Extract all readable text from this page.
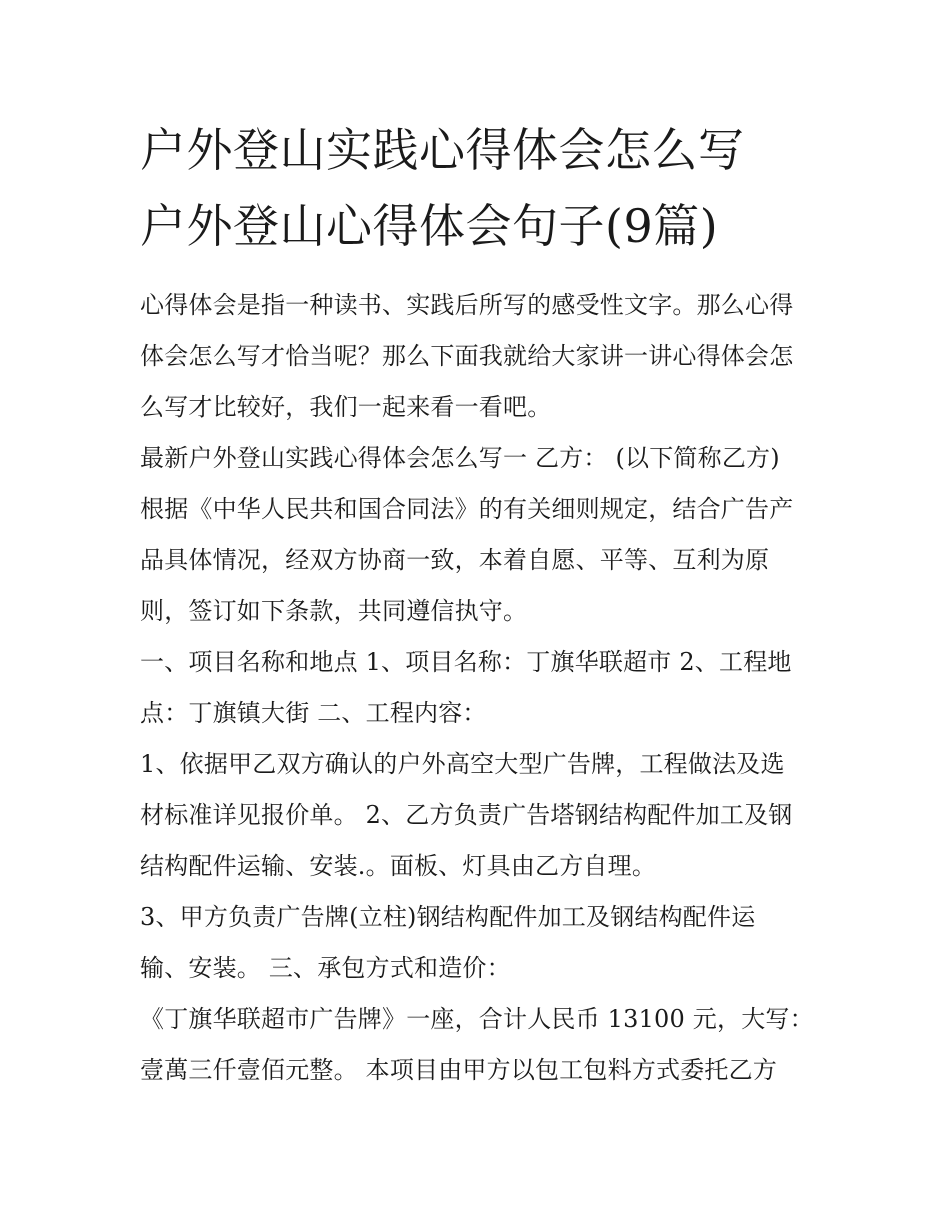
户外登山实践心得体会怎么写
户外登山心得体会句子(9篇)

心得体会是指一种读书、实践后所写的感受性文字。那么心得
体会怎么写才恰当呢？那么下面我就给大家讲一讲心得体会怎
么写才比较好，我们一起来看一看吧。

最新户外登山实践心得体会怎么写一 乙方： (以下简称乙方)
根据《中华人民共和国合同法》的有关细则规定，结合广告产
品具体情况，经双方协商一致，本着自愿、平等、互利为原
则，签订如下条款，共同遵信执守。

一、项目名称和地点 1、项目名称：丁旗华联超市 2、工程地
点：丁旗镇大街 二、工程内容：

1、依据甲乙双方确认的户外高空大型广告牌，工程做法及选
材标准详见报价单。 2、乙方负责广告塔钢结构配件加工及钢
结构配件运输、安装.。面板、灯具由乙方自理。

3、甲方负责广告牌(立柱)钢结构配件加工及钢结构配件运
输、安装。 三、承包方式和造价：

《丁旗华联超市广告牌》一座，合计人民币 13100 元，大写：
壹萬三仟壹佰元整。 本项目由甲方以包工包料方式委托乙方
